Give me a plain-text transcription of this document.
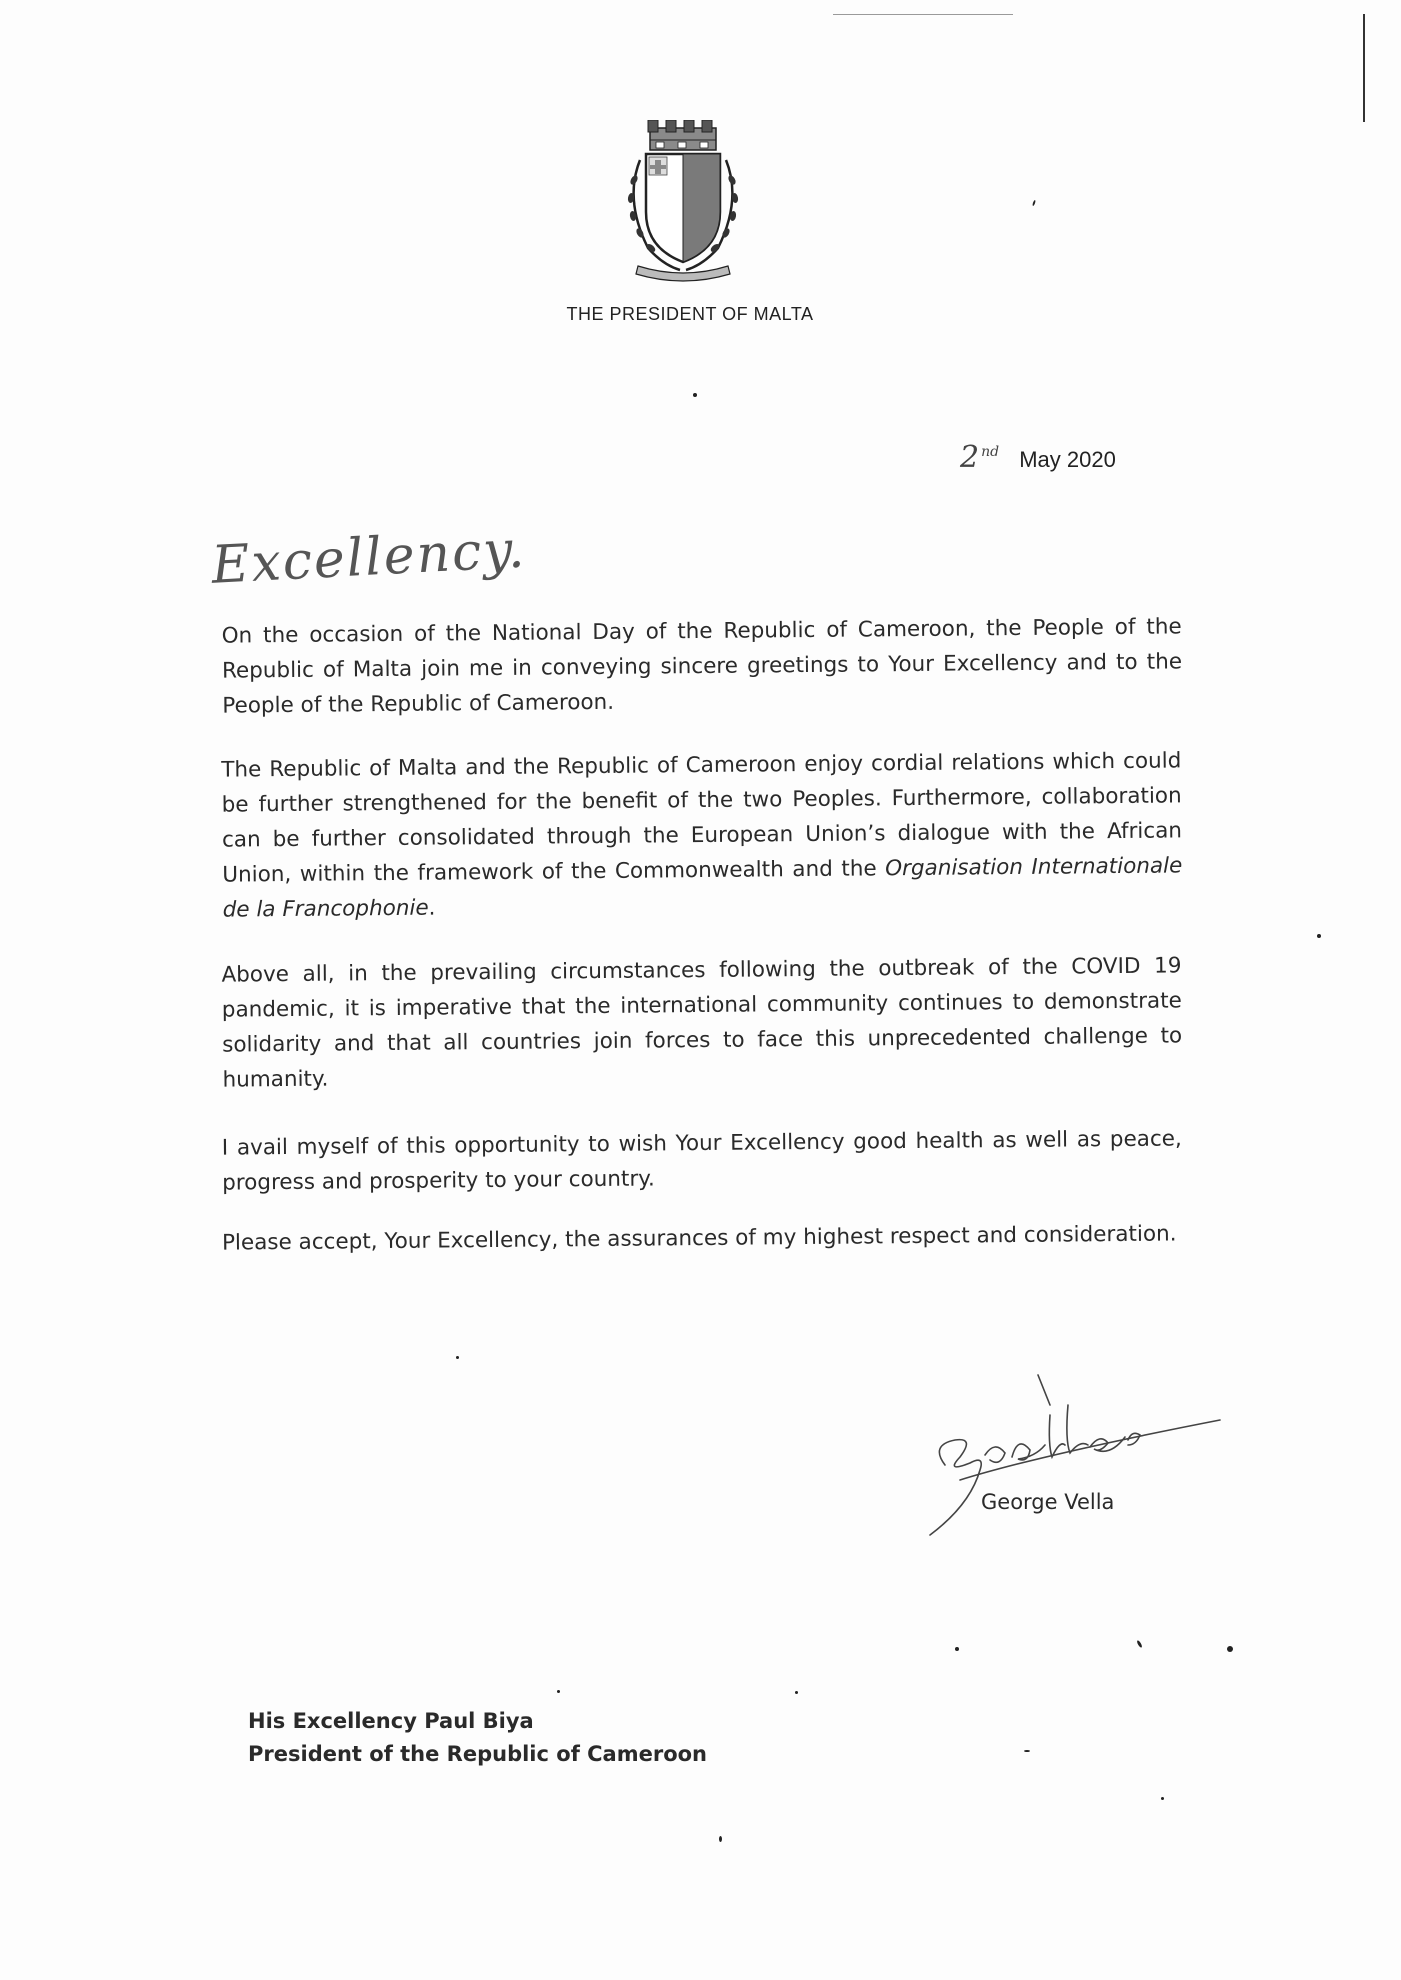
THE PRESIDENT OF MALTA
2 $^{nd}$ May 2020
Excellency.

On the occasion of the National Day of the Republic of Cameroon, the People of the Republic of Malta join me in conveying sincere greetings to Your Excellency and to the People of the Republic of Cameroon.

The Republic of Malta and the Republic of Cameroon enjoy cordial relations which could be further strengthened for the benefit of the two Peoples. Furthermore, collaboration can be further consolidated through the European Union’s dialogue with the African Union, within the framework of the Commonwealth and the Organisation Internationale de la Francophonie.

Above all, in the prevailing circumstances following the outbreak of the COVID 19 pandemic, it is imperative that the international community continues to demonstrate solidarity and that all countries join forces to face this unprecedented challenge to humanity.

I avail myself of this opportunity to wish Your Excellency good health as well as peace, progress and prosperity to your country.

Please accept, Your Excellency, the assurances of my highest respect and consideration.

George Vella
His Excellency Paul Biya
President of the Republic of Cameroon
